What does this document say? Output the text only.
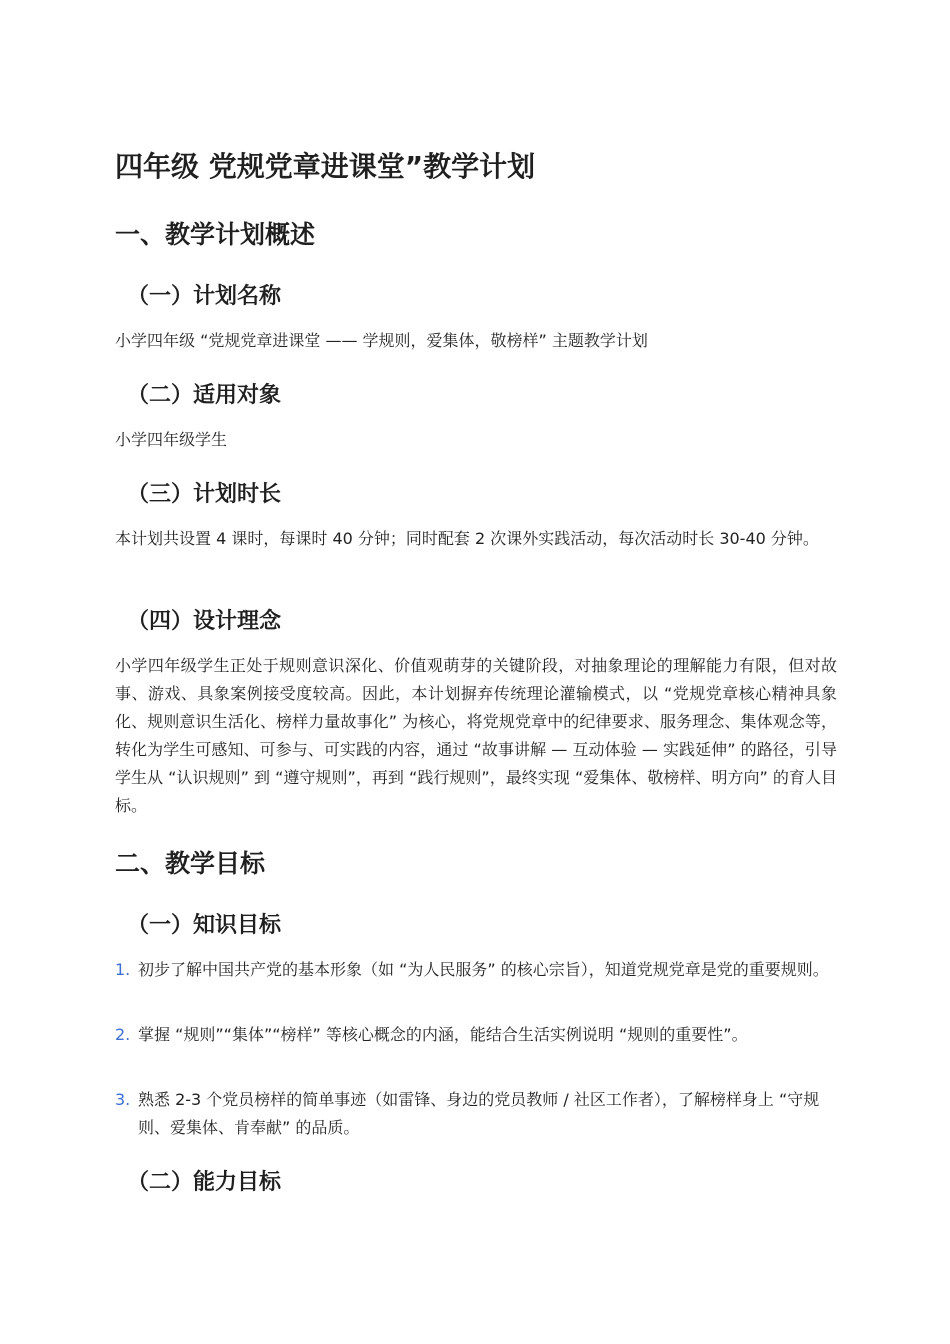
四年级 党规党章进课堂”教学计划
一、教学计划概述
（一）计划名称

小学四年级 “党规党章进课堂 —— 学规则，爱集体，敬榜样” 主题教学计划

（二）适用对象

小学四年级学生

（三）计划时长

本计划共设置 4 课时，每课时 40 分钟；同时配套 2 次课外实践活动，每次活动时长 30-40 分钟。

（四）设计理念

小学四年级学生正处于规则意识深化、价值观萌芽的关键阶段，对抽象理论的理解能力有限，但对故事、游戏、具象案例接受度较高。因此，本计划摒弃传统理论灌输模式，以 “党规党章核心精神具象化、规则意识生活化、榜样力量故事化” 为核心，将党规党章中的纪律要求、服务理念、集体观念等，转化为学生可感知、可参与、可实践的内容，通过 “故事讲解 — 互动体验 — 实践延伸” 的路径，引导学生从 “认识规则” 到 “遵守规则”，再到 “践行规则”，最终实现 “爱集体、敬榜样、明方向” 的育人目标。

二、教学目标
（一）知识目标
1. 初步了解中国共产党的基本形象（如 “为人民服务” 的核心宗旨），知道党规党章是党的重要规则。
2. 掌握 “规则”“集体”“榜样” 等核心概念的内涵，能结合生活实例说明 “规则的重要性”。
3. 熟悉 2-3 个党员榜样的简单事迹（如雷锋、身边的党员教师 / 社区工作者），了解榜样身上 “守规则、爱集体、肯奉献” 的品质。
（二）能力目标
